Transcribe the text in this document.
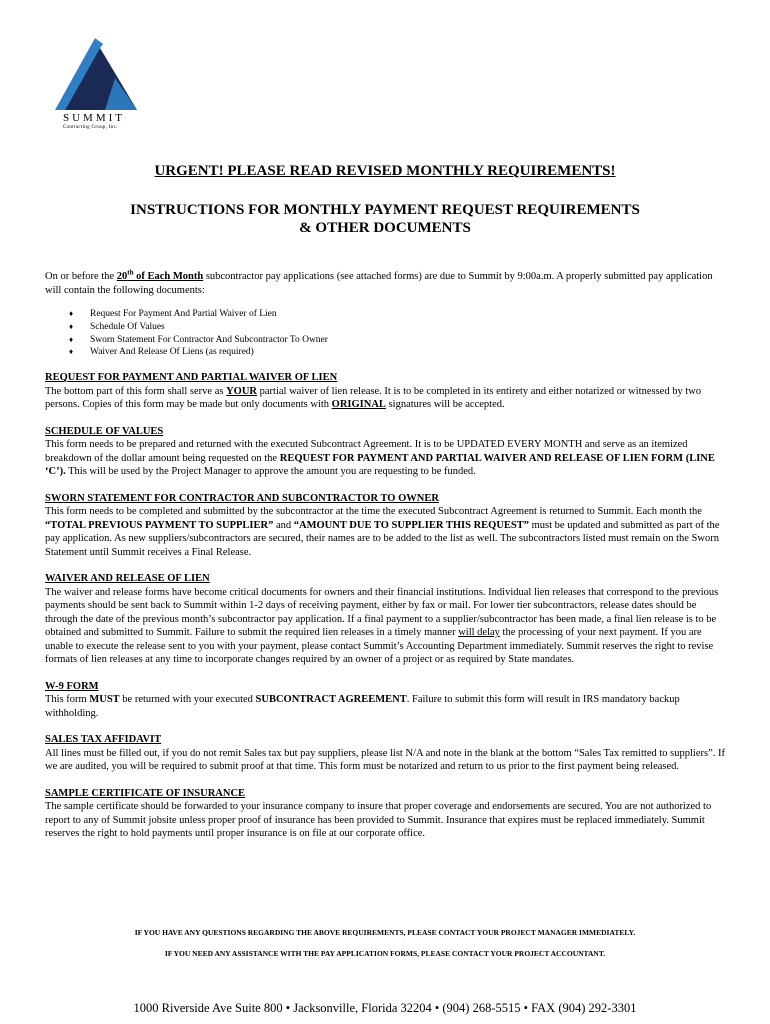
SUMMIT
Contracting Group, Inc.
URGENT! PLEASE READ REVISED MONTHLY REQUIREMENTS!
INSTRUCTIONS FOR MONTHLY PAYMENT REQUEST REQUIREMENTS
& OTHER DOCUMENTS

On or before the 20th of Each Month subcontractor pay applications (see attached forms) are due to Summit by 9:00a.m. A properly submitted pay application will contain the following documents:

♦ Request For Payment And Partial Waiver of Lien
♦ Schedule Of Values
♦ Sworn Statement For Contractor And Subcontractor To Owner
♦ Waiver And Release Of Liens (as required)
REQUEST FOR PAYMENT AND PARTIAL WAIVER OF LIEN

The bottom part of this form shall serve as YOUR partial waiver of lien release. It is to be completed in its entirety and either notarized or witnessed by two persons. Copies of this form may be made but only documents with ORIGINAL signatures will be accepted.

SCHEDULE OF VALUES

This form needs to be prepared and returned with the executed Subcontract Agreement. It is to be UPDATED EVERY MONTH and serve as an itemized breakdown of the dollar amount being requested on the REQUEST FOR PAYMENT AND PARTIAL WAIVER AND RELEASE OF LIEN FORM (LINE ‘C’). This will be used by the Project Manager to approve the amount you are requesting to be funded.

SWORN STATEMENT FOR CONTRACTOR AND SUBCONTRACTOR TO OWNER

This form needs to be completed and submitted by the subcontractor at the time the executed Subcontract Agreement is returned to Summit. Each month the “TOTAL PREVIOUS PAYMENT TO SUPPLIER” and “AMOUNT DUE TO SUPPLIER THIS REQUEST” must be updated and submitted as part of the pay application. As new suppliers/subcontractors are secured, their names are to be added to the list as well. The subcontractors listed must remain on the Sworn Statement until Summit receives a Final Release.

WAIVER AND RELEASE OF LIEN

The waiver and release forms have become critical documents for owners and their financial institutions. Individual lien releases that correspond to the previous payments should be sent back to Summit within 1-2 days of receiving payment, either by fax or mail. For lower tier subcontractors, release dates should be through the date of the previous month’s subcontractor pay application. If a final payment to a supplier/subcontractor has been made, a final lien release is to be obtained and submitted to Summit. Failure to submit the required lien releases in a timely manner will delay the processing of your next payment. If you are unable to execute the release sent to you with your payment, please contact Summit’s Accounting Department immediately. Summit reserves the right to revise formats of lien releases at any time to incorporate changes required by an owner of a project or as required by State mandates.

W-9 FORM

This form MUST be returned with your executed SUBCONTRACT AGREEMENT. Failure to submit this form will result in IRS mandatory backup withholding.

SALES TAX AFFIDAVIT

All lines must be filled out, if you do not remit Sales tax but pay suppliers, please list N/A and note in the blank at the bottom “Sales Tax remitted to suppliers”. If we are audited, you will be required to submit proof at that time. This form must be notarized and return to us prior to the first payment being released.

SAMPLE CERTIFICATE OF INSURANCE

The sample certificate should be forwarded to your insurance company to insure that proper coverage and endorsements are secured. You are not authorized to report to any of Summit jobsite unless proper proof of insurance has been provided to Summit. Insurance that expires must be replaced immediately. Summit reserves the right to hold payments until proper insurance is on file at our corporate office.

IF YOU HAVE ANY QUESTIONS REGARDING THE ABOVE REQUIREMENTS, PLEASE CONTACT YOUR PROJECT MANAGER IMMEDIATELY.

IF YOU NEED ANY ASSISTANCE WITH THE PAY APPLICATION FORMS, PLEASE CONTACT YOUR PROJECT ACCOUNTANT.

1000 Riverside Ave Suite 800 • Jacksonville, Florida 32204 • (904) 268-5515 • FAX (904) 292-3301
